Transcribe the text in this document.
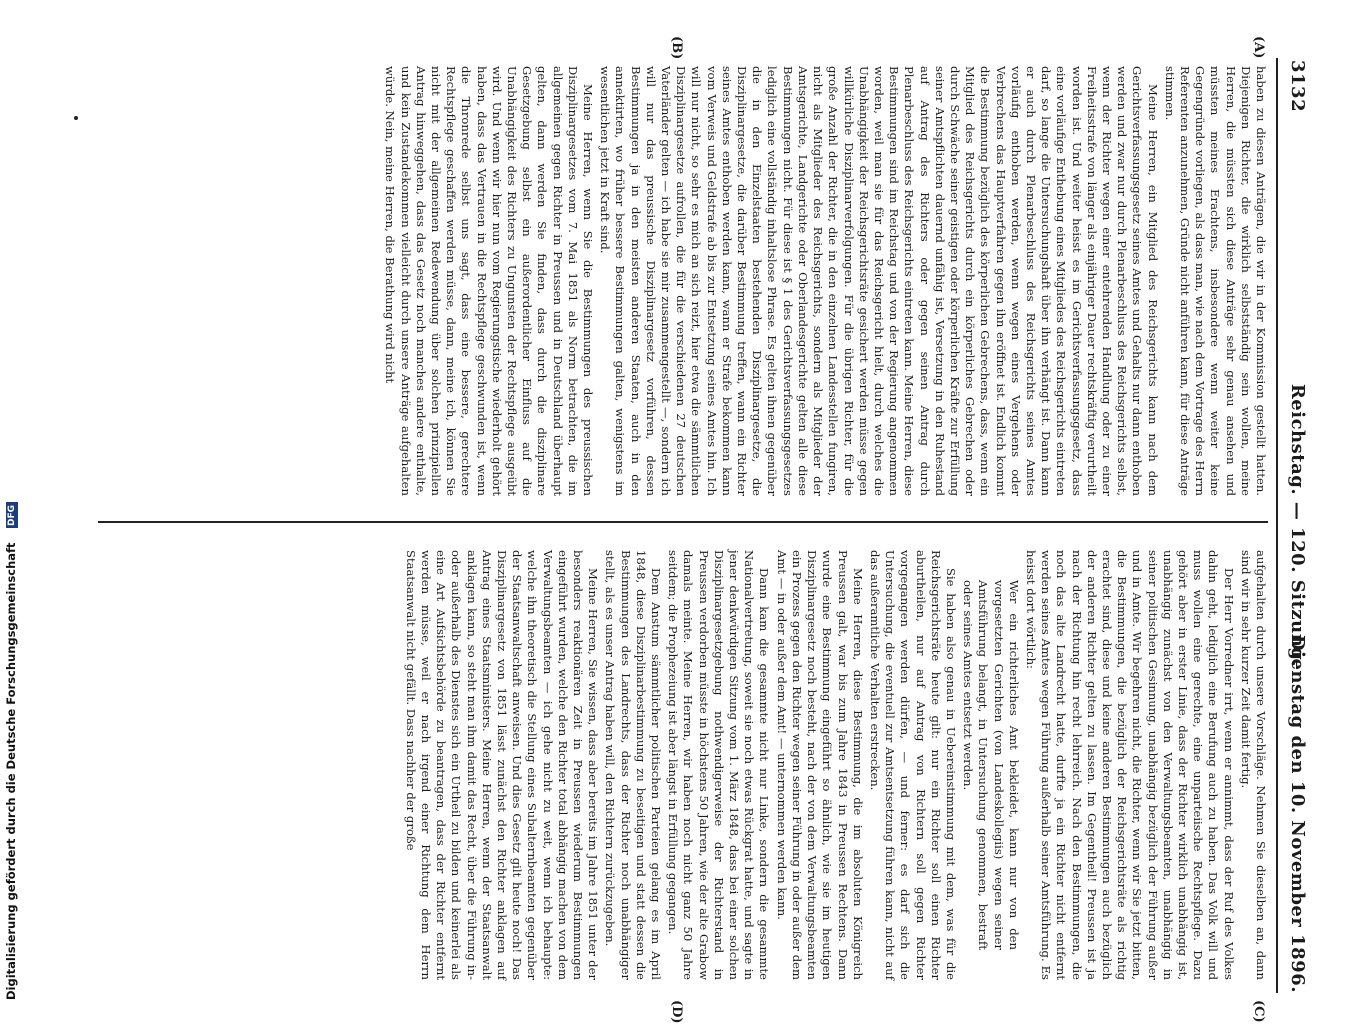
3132
Reichstag. — 120. Sitzung.
Dienstag den 10. November 1896.
(A)
(B)
(C)
(D)

haben zu diesen Anträgen, die wir in der Kommission gestellt hatten. Diejenigen Richter, die wirklich selbstständig sein wollen, meine Herren, die müssten sich diese Anträge sehr genau ansehen und müssten meines Erachtens, insbesondere wenn weiter keine Gegengründe vorliegen, als dass man, wie nach dem Vortrage des Herrn Referenten anzunehmen, Gründe nicht anführen kann, für diese Anträge stimmen.

Meine Herren, ein Mitglied des Reichsgerichts kann nach dem Gerichtsverfassungsgesetz seines Amtes und Gehalts nur dann enthoben werden und zwar nur durch Plenarbeschluss des Reichsgerichts selbst, wenn der Richter wegen einer entehrenden Handlung oder zu einer Freiheitsstrafe von länger als einjähriger Dauer rechtskräftig verurtheilt worden ist. Und weiter heisst es im Gerichtsverfassungsgesetz, dass eine vorläufige Enthebung eines Mitgliedes des Reichsgerichts eintreten darf, so lange die Untersuchungshaft über ihn verhängt ist. Dann kann er auch durch Plenarbeschluss des Reichsgerichts seines Amtes vorläufig enthoben werden, wenn wegen eines Vergehens oder Verbrechens das Hauptverfahren gegen ihn eröffnet ist. Endlich kommt die Bestimmung bezüglich des körperlichen Gebrechens, dass, wenn ein Mitglied des Reichsgerichts durch ein körperliches Gebrechen oder durch Schwäche seiner geistigen oder körperlichen Kräfte zur Erfüllung seiner Amtspflichten dauernd unfähig ist, Versetzung in den Ruhestand auf Antrag des Richters oder gegen seinen Antrag durch Plenarbeschluss des Reichsgerichts eintreten kann. Meine Herren, diese Bestimmungen sind im Reichstag und von der Regierung angenommen worden, weil man sie für das Reichsgericht hielt, durch welches die Unabhängigkeit der Reichsgerichtsräte gesichert werden müsse gegen willkürliche Disziplinarverfolgungen. Für die übrigen Richter, für die große Anzahl der Richter, die in den einzelnen Landesstellen fungiren, nicht als Mitglieder des Reichsgerichts, sondern als Mitglieder der Amtsgerichte, Landgerichte oder Oberlandesgerichte gelten alle diese Bestimmungen nicht. Für diese ist § 1 des Gerichtsverfassungsgesetzes lediglich eine vollständig inhaltslose Phrase. Es gelten ihnen gegenüber die in den Einzelstaaten bestehenden Disziplinargesetze, die Disziplinargesetze, die darüber Bestimmung treffen, wann ein Richter seines Amtes enthoben werden kann, wann er Strafe bekommen kann vom Verweis und Geldstrafe ab bis zur Entsetzung seines Amtes hin. Ich will nur nicht, so sehr es mich an sich reizt, hier etwa die sämmtlichen Disziplinargesetze aufrollen, die für die verschiedenen 27 deutschen Vaterländer gelten — ich habe sie mir zusammengestellt —, sondern ich will nur das preussische Disziplinargesetz vorführen, dessen Bestimmungen ja in den meisten anderen Staaten, auch in den annektirten, wo früher bessere Bestimmungen galten, wenigstens im wesentlichen jetzt in Kraft sind.

Meine Herren, wenn Sie die Bestimmungen des preussischen Disziplinargesetzes vom 7. Mai 1851 als Norm betrachten, die im allgemeinen gegen Richter in Preussen und in Deutschland überhaupt gelten, dann werden Sie finden, dass durch die disziplinare Gesetzgebung selbst ein außerordentlicher Einfluss auf die Unabhängigkeit des Richters zu Ungunsten der Rechtspflege ausgeübt wird. Und wenn wir hier nun vom Regierungstische wiederholt gehört haben, dass das Vertrauen in die Rechtspflege geschwunden ist, wenn die Thronrede selbst uns sagt, dass eine bessere, gerechtere Rechtspflege geschaffen werden müsse, dann, meine ich, können Sie nicht mit der allgemeinen Redewendung über solchen prinzipiellen Antrag hinweggehen, dass das Gesetz noch manches andere enthalte, und kein Zustandekommen vielleicht durch unsere Anträge aufgehalten würde. Nein, meine Herren, die Berathung wird nicht

aufgehalten durch unsere Vorschläge. Nehmen Sie dieselben an, dann sind wir in sehr kurzer Zeit damit fertig.

Der Herr Vorredner irrt, wenn er annimmt, dass der Ruf des Volkes dahin geht, lediglich eine Berufung auch zu haben. Das Volk will und muss wollen eine gerechte, eine unparteiische Rechtspflege. Dazu gehört aber in erster Linie, dass der Richter wirklich unabhängig ist, unabhängig zunächst von den Verwaltungsbeamten, unabhängig in seiner politischen Gesinnung, unabhängig bezüglich der Führung außer und in Amte. Wir begehren nicht, die Richter, wenn wir Sie jetzt bitten, die Bestimmungen, die bezüglich der Reichsgerichtsräte als richtig erachtet sind, diese und keine anderen Bestimmungen auch bezüglich der anderen Richter gelten zu lassen. Im Gegentheil! Preussen ist ja nach der Richtung hin recht lehrreich. Nach den Bestimmungen, die noch das alte Landrecht hatte, durfte ja ein Richter nicht entfernt werden seines Amtes wegen Führung außerhalb seiner Amtsführung. Es heisst dort wörtlich:

Wer ein richterliches Amt bekleidet, kann nur von den vorgesetzten Gerichten (von Landeskollegiis) wegen seiner Amtsführung belangt, in Untersuchung genommen, bestraft oder seines Amtes entsetzt werden.

Sie haben also genau in Uebereinstimmung mit dem, was für die Reichsgerichtsräte heute gilt: nur ein Richter soll einen Richter aburtheilen, nur auf Antrag von Richtern soll gegen Richter vorgegangen werden dürfen, — und ferner: es darf sich die Untersuchung, die eventuell zur Amtsentsetzung führen kann, nicht auf das außeramtliche Verhalten erstrecken.

Meine Herren, diese Bestimmung, die im absoluten Königreich Preussen galt, war bis zum Jahre 1843 in Preussen Rechtens. Dann wurde eine Bestimmung eingeführt so ähnlich, wie sie im heutigen Disziplinargesetz noch besteht, nach der von dem Verwaltungsbeamten ein Prozess gegen den Richter wegen seiner Führung in oder außer dem Amt — in oder außer dem Amt! — unternommen werden kann.

Dann kam die gesammte nicht nur Linke, sondern die gesammte Nationalvertretung, soweit sie noch etwas Rückgrat hatte, und sagte in jener denkwürdigen Sitzung vom 1. März 1848, dass bei einer solchen Disziplinargesetzgebung nothwendigerweise der Richterstand in Preussen verdorben müsste in höchstens 50 Jahren, wie der alte Grabow damals meinte. Meine Herren, wir haben noch nicht ganz 50 Jahre seitdem; die Prophezeiung ist aber längst in Erfüllung gegangen.

Dem Anstum sämmtlicher politischen Parteien gelang es im April 1848, diese Disziplinarbestimmung zu beseitigen und statt dessen die Bestimmungen des Landrechts, dass der Richter noch unabhängiger stellt, als es unser Antrag haben will, den Richtern zurückzugeben.

Meine Herren, Sie wissen, dass aber bereits im Jahre 1851 unter der besonders reaktionären Zeit in Preussen wiederum Bestimmungen eingeführt wurden, welche den Richter total abhängig machen von dem Verwaltungsbeamten — ich gehe nicht zu weit, wenn ich behaupte: welche ihn theoretisch die Stellung eines Subalternbeamten gegenüber der Staatsanwaltschaft anweisen. Und dies Gesetz gilt heute noch! Das Disziplinargesetz von 1851 lässt zunächst den Richter anklagen auf Antrag eines Staatsministers. Meine Herren, wenn der Staatsanwalt anklagen kann, so steht man ihm damit das Recht, über die Führung in- oder außerhalb des Dienstes sich ein Urtheil zu bilden und keinerlei als eine Art Aufsichtsbehörde zu beantragen, dass der Richter entfernt werden müsse, weil er nach irgend einer Richtung dem Herrn Staatsanwalt nicht gefällt. Dass nachher der große

Digitalisierung gefördert durch die Deutsche Forschungsgemeinschaft DFG
